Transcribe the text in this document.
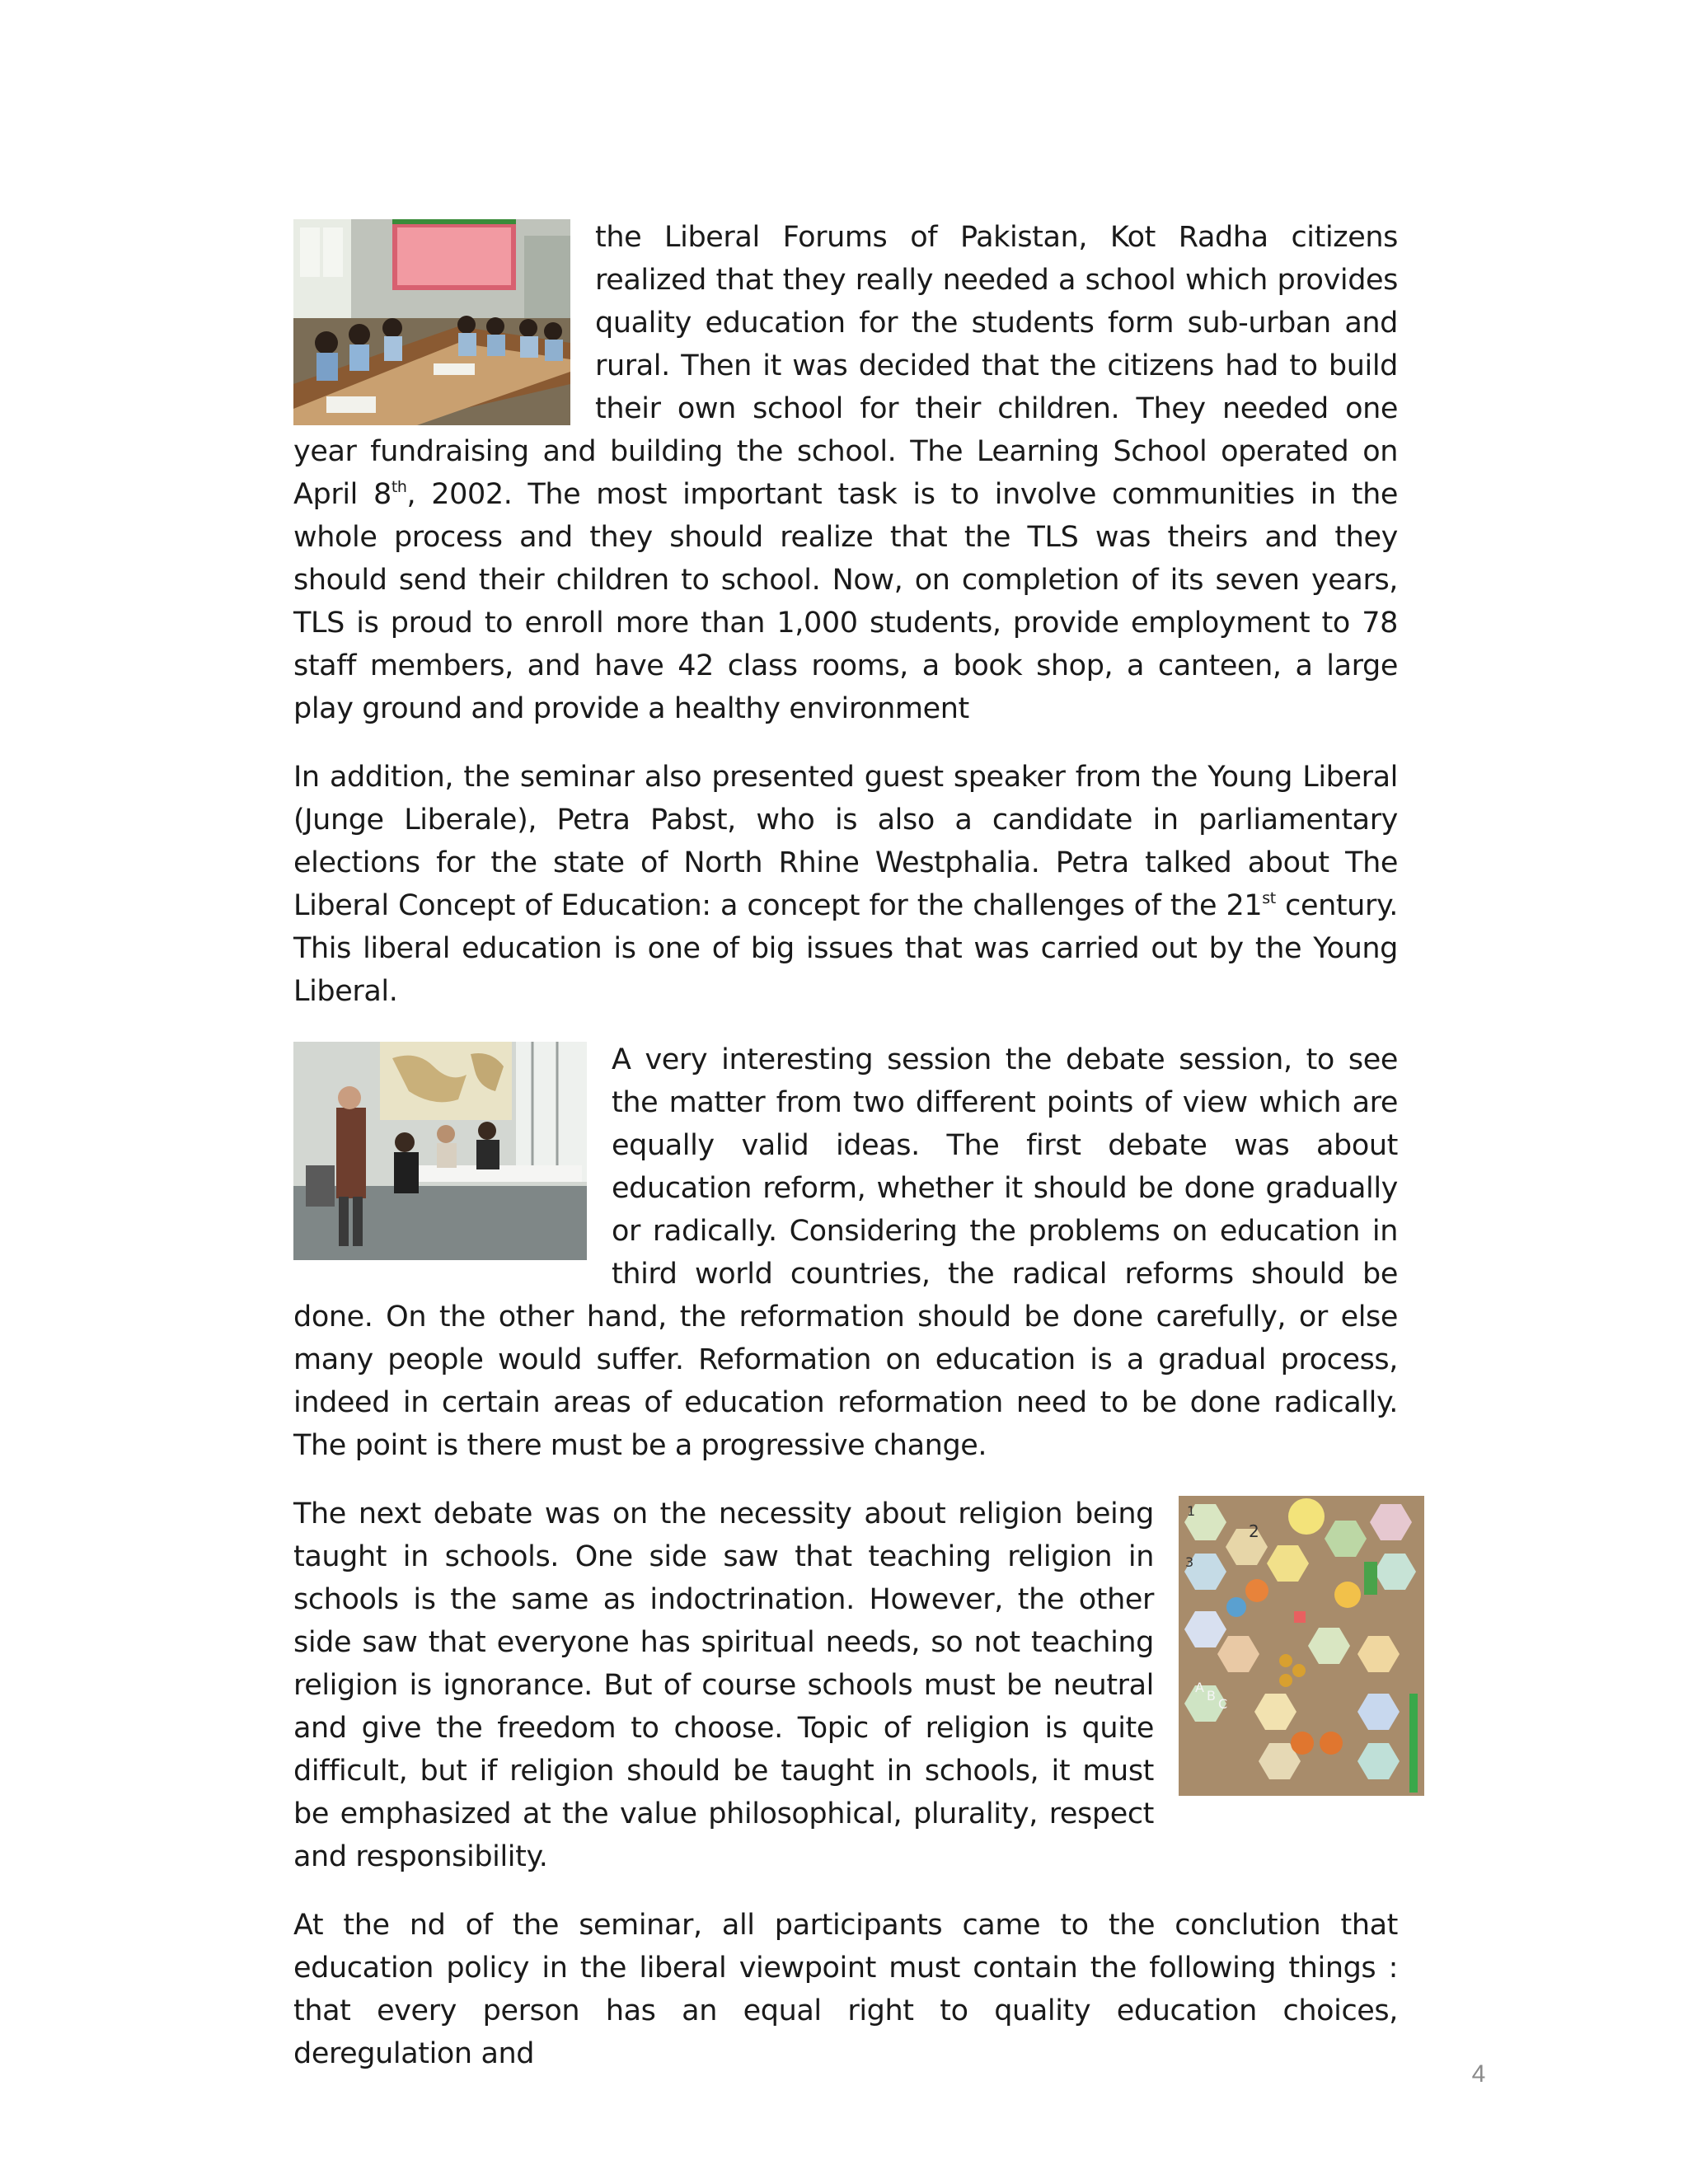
the Liberal Forums of Pakistan, Kot Radha citizens realized that they really needed a school which provides quality education for the students form sub-urban and rural. Then it was decided that the citizens had to build their own school for their children. They needed one year fundraising and building the school. The Learning School operated on April 8th, 2002. The most important task is to involve communities in the whole process and they should realize that the TLS was theirs and they should send their children to school. Now, on completion of its seven years, TLS is proud to enroll more than 1,000 students, provide employment to 78 staff members, and have 42 class rooms, a book shop, a canteen, a large play ground and provide a healthy environment

In addition, the seminar also presented guest speaker from the Young Liberal (Junge Liberale), Petra Pabst, who is also a candidate in parliamentary elections for the state of North Rhine Westphalia. Petra talked about The Liberal Concept of Education: a concept for the challenges of the 21st century. This liberal education is one of big issues that was carried out by the Young Liberal.

A very interesting session the debate session, to see the matter from two different points of view which are equally valid ideas. The first debate was about education reform, whether it should be done gradually or radically. Considering the problems on education in third world countries, the radical reforms should be done. On the other hand, the reformation should be done carefully, or else many people would suffer. Reformation on education is a gradual process, indeed in certain areas of education reformation need to be done radically. The point is there must be a progressive change.

1
2
3
A
B
C

The next debate was on the necessity about religion being taught in schools. One side saw that teaching religion in schools is the same as indoctrination. However, the other side saw that everyone has spiritual needs, so not teaching religion is ignorance. But of course schools must be neutral and give the freedom to choose. Topic of religion is quite difficult, but if religion should be taught in schools, it must be emphasized at the value philosophical, plurality, respect and responsibility.

At the nd of the seminar, all participants came to the conclution that education policy in the liberal viewpoint must contain the following things : that every person has an equal right to quality education choices, deregulation and

4
